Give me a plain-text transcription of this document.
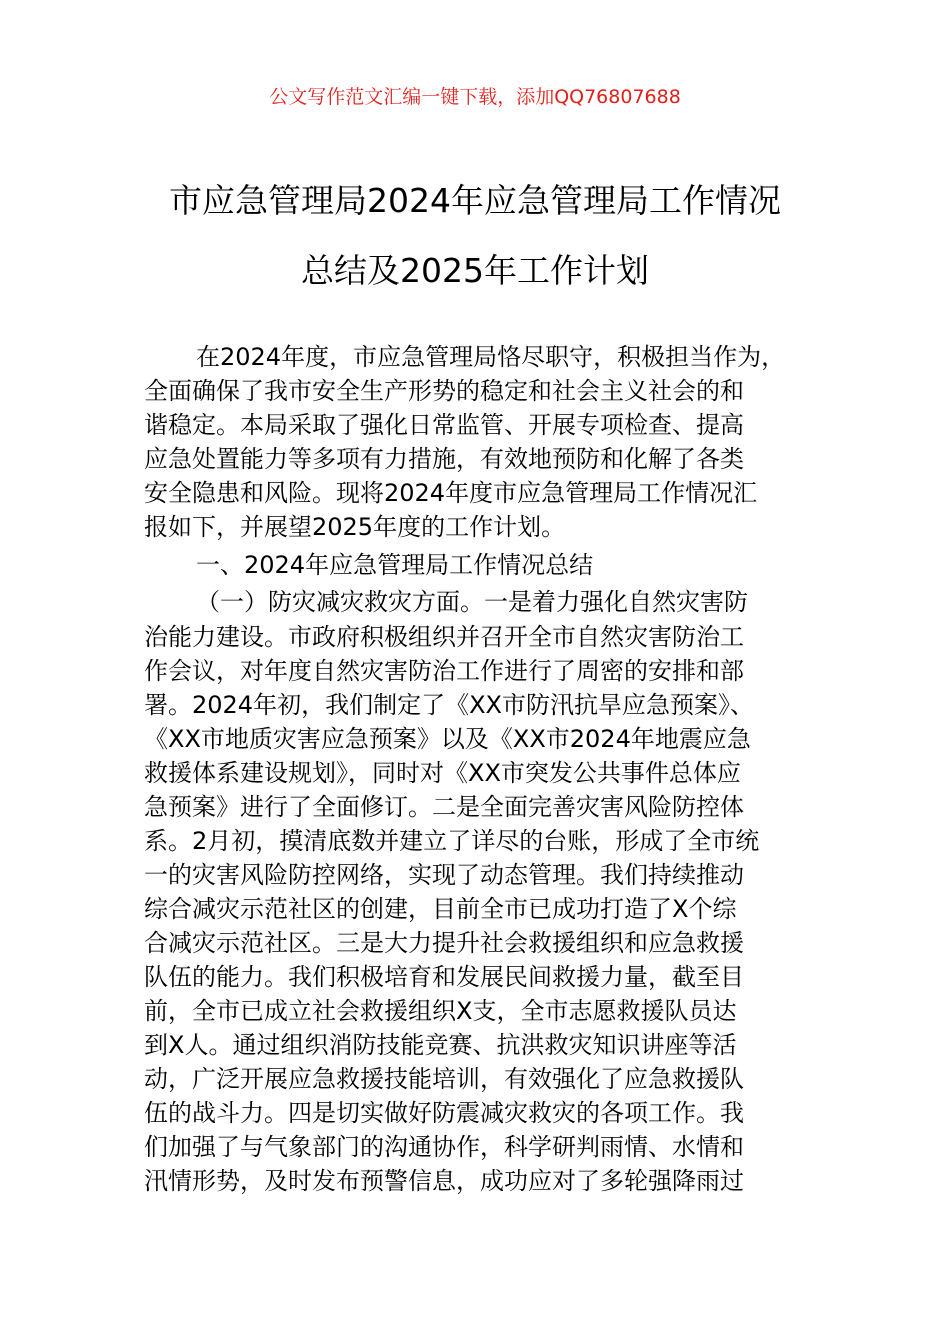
公文写作范文汇编一键下载，添加QQ76807688
市应急管理局2024年应急管理局工作情况
总结及2025年工作计划
在2024年度，市应急管理局恪尽职守，积极担当作为，
全面确保了我市安全生产形势的稳定和社会主义社会的和
谐稳定。本局采取了强化日常监管、开展专项检查、提高
应急处置能力等多项有力措施，有效地预防和化解了各类
安全隐患和风险。现将2024年度市应急管理局工作情况汇
报如下，并展望2025年度的工作计划。
一、2024年应急管理局工作情况总结
（一）防灾减灾救灾方面。一是着力强化自然灾害防
治能力建设。市政府积极组织并召开全市自然灾害防治工
作会议，对年度自然灾害防治工作进行了周密的安排和部
署。2024年初，我们制定了《XX市防汛抗旱应急预案》、
《XX市地质灾害应急预案》以及《XX市2024年地震应急
救援体系建设规划》，同时对《XX市突发公共事件总体应
急预案》进行了全面修订。二是全面完善灾害风险防控体
系。2月初，摸清底数并建立了详尽的台账，形成了全市统
一的灾害风险防控网络，实现了动态管理。我们持续推动
综合减灾示范社区的创建，目前全市已成功打造了X个综
合减灾示范社区。三是大力提升社会救援组织和应急救援
队伍的能力。我们积极培育和发展民间救援力量，截至目
前，全市已成立社会救援组织X支，全市志愿救援队员达
到X人。通过组织消防技能竞赛、抗洪救灾知识讲座等活
动，广泛开展应急救援技能培训，有效强化了应急救援队
伍的战斗力。四是切实做好防震减灾救灾的各项工作。我
们加强了与气象部门的沟通协作，科学研判雨情、水情和
汛情形势，及时发布预警信息，成功应对了多轮强降雨过
